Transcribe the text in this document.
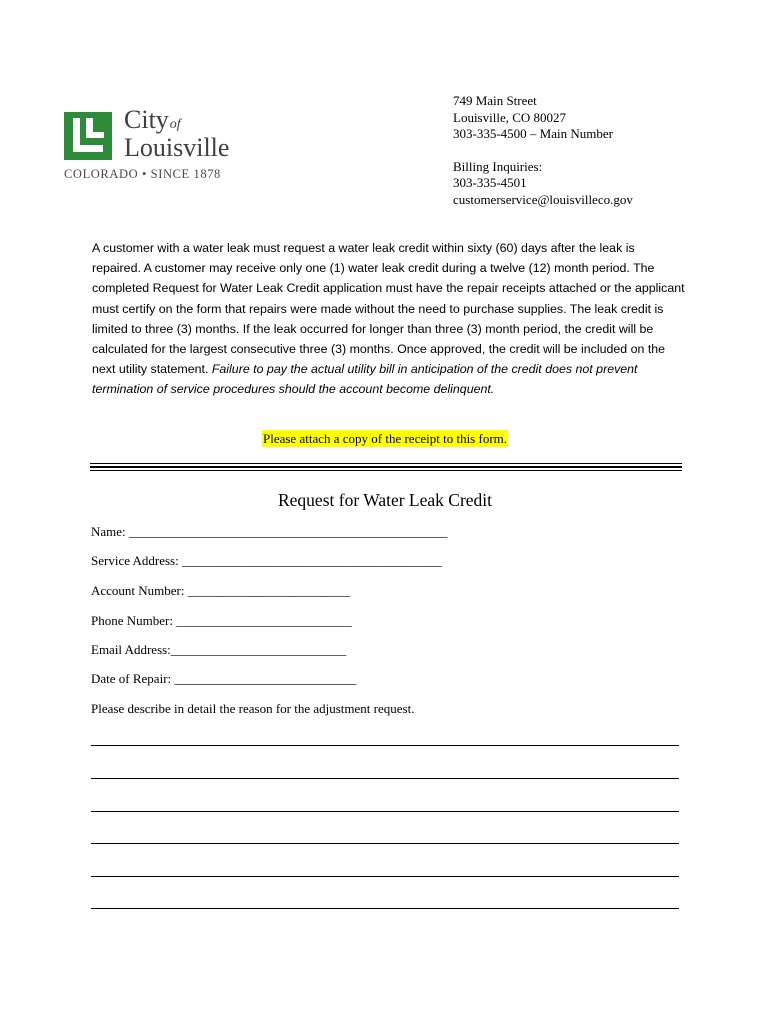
Cityof
Louisville
COLORADO • SINCE 1878
749 Main Street
Louisville, CO 80027
303-335-4500 – Main Number
Billing Inquiries:
303-335-4501
customerservice@louisvilleco.gov
A customer with a water leak must request a water leak credit within sixty (60) days after the leak is repaired. A customer may receive only one (1) water leak credit during a twelve (12) month period. The completed Request for Water Leak Credit application must have the repair receipts attached or the applicant must certify on the form that repairs were made without the need to purchase supplies. The leak credit is limited to three (3) months. If the leak occurred for longer than three (3) month period, the credit will be calculated for the largest consecutive three (3) months. Once approved, the credit will be included on the next utility statement. Failure to pay the actual utility bill in anticipation of the credit does not prevent termination of service procedures should the account become delinquent.
Please attach a copy of the receipt to this form.
Request for Water Leak Credit
Name: _________________________________________________
Service Address: ________________________________________
Account Number: _________________________
Phone Number: ___________________________
Email Address:___________________________
Date of Repair: ____________________________
Please describe in detail the reason for the adjustment request.
